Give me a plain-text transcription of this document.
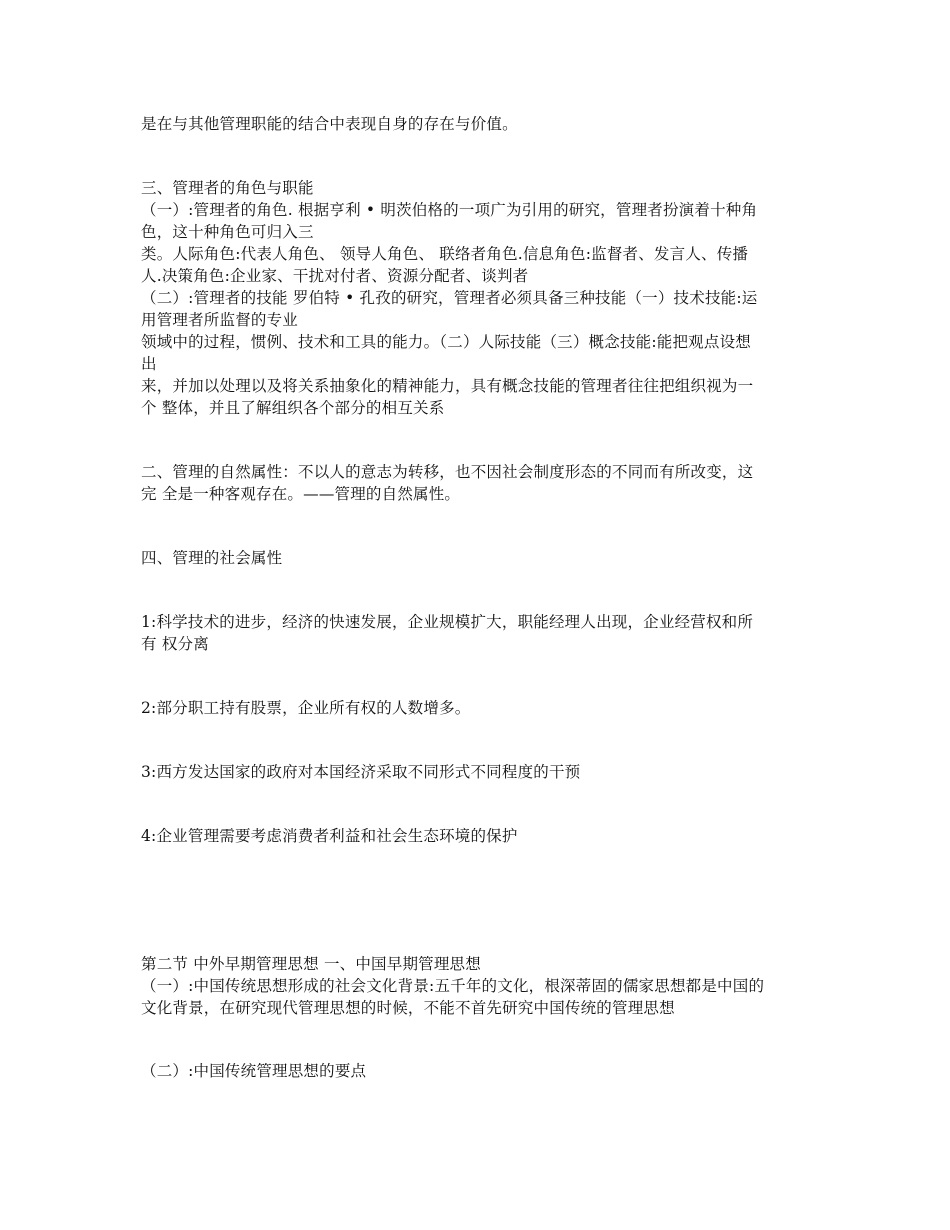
是在与其他管理职能的结合中表现自身的存在与价值。
三、管理者的角色与职能
（一）:管理者的角色. 根据亨利 • 明茨伯格的一项广为引用的研究，管理者扮演着十种角
色，这十种角色可归入三
类。人际角色:代表人角色、 领导人角色、 联络者角色.信息角色:监督者、发言人、传播
人.决策角色:企业家、干扰对付者、资源分配者、谈判者
（二）:管理者的技能 罗伯特 • 孔孜的研究，管理者必须具备三种技能（一）技术技能:运
用管理者所监督的专业
领域中的过程，惯例、技术和工具的能力。（二）人际技能（三）概念技能:能把观点设想
出
来，并加以处理以及将关系抽象化的精神能力，具有概念技能的管理者往往把组织视为一
个 整体，并且了解组织各个部分的相互关系
二、管理的自然属性：不以人的意志为转移，也不因社会制度形态的不同而有所改变，这
完 全是一种客观存在。——管理的自然属性。
四、管理的社会属性
1:科学技术的进步，经济的快速发展，企业规模扩大，职能经理人出现，企业经营权和所
有 权分离
2:部分职工持有股票，企业所有权的人数增多。
3:西方发达国家的政府对本国经济采取不同形式不同程度的干预
4:企业管理需要考虑消费者利益和社会生态环境的保护
第二节 中外早期管理思想 一、中国早期管理思想
（一）:中国传统思想形成的社会文化背景:五千年的文化，根深蒂固的儒家思想都是中国的
文化背景，在研究现代管理思想的时候，不能不首先研究中国传统的管理思想
（二）:中国传统管理思想的要点
